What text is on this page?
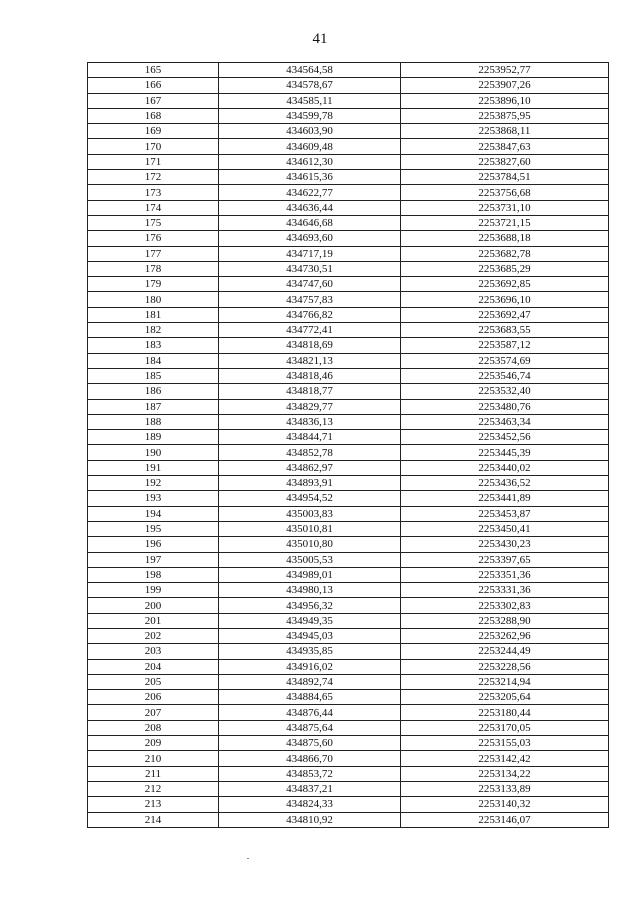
41
165	434564,58	2253952,77
166	434578,67	2253907,26
167	434585,11	2253896,10
168	434599,78	2253875,95
169	434603,90	2253868,11
170	434609,48	2253847,63
171	434612,30	2253827,60
172	434615,36	2253784,51
173	434622,77	2253756,68
174	434636,44	2253731,10
175	434646,68	2253721,15
176	434693,60	2253688,18
177	434717,19	2253682,78
178	434730,51	2253685,29
179	434747,60	2253692,85
180	434757,83	2253696,10
181	434766,82	2253692,47
182	434772,41	2253683,55
183	434818,69	2253587,12
184	434821,13	2253574,69
185	434818,46	2253546,74
186	434818,77	2253532,40
187	434829,77	2253480,76
188	434836,13	2253463,34
189	434844,71	2253452,56
190	434852,78	2253445,39
191	434862,97	2253440,02
192	434893,91	2253436,52
193	434954,52	2253441,89
194	435003,83	2253453,87
195	435010,81	2253450,41
196	435010,80	2253430,23
197	435005,53	2253397,65
198	434989,01	2253351,36
199	434980,13	2253331,36
200	434956,32	2253302,83
201	434949,35	2253288,90
202	434945,03	2253262,96
203	434935,85	2253244,49
204	434916,02	2253228,56
205	434892,74	2253214,94
206	434884,65	2253205,64
207	434876,44	2253180,44
208	434875,64	2253170,05
209	434875,60	2253155,03
210	434866,70	2253142,42
211	434853,72	2253134,22
212	434837,21	2253133,89
213	434824,33	2253140,32
214	434810,92	2253146,07
